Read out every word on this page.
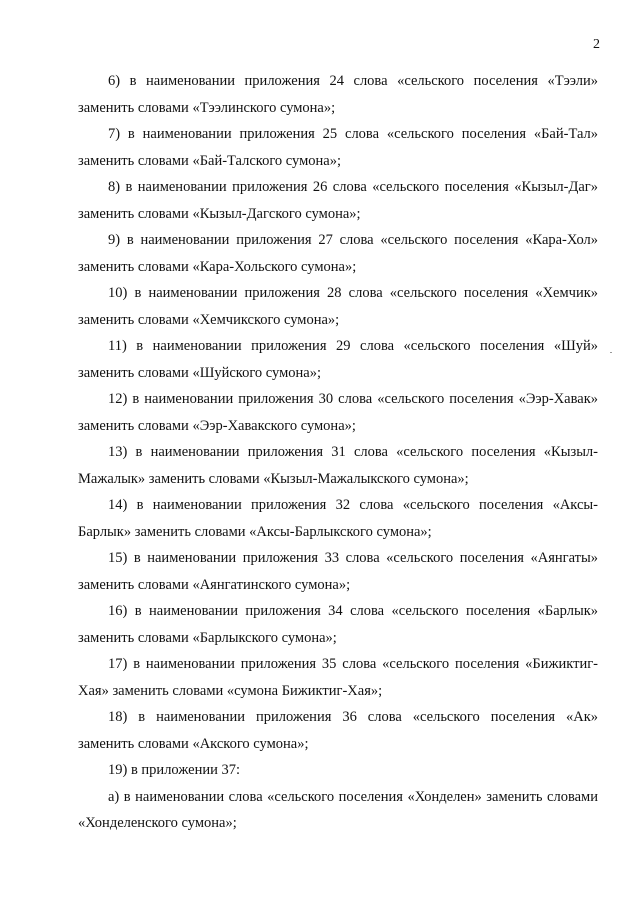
2

6) в наименовании приложения 24 слова «сельского поселения «Тээли» заменить словами «Тээлинского сумона»;

7) в наименовании приложения 25 слова «сельского поселения «Бай-Тал» заменить словами «Бай-Талского сумона»;

8) в наименовании приложения 26 слова «сельского поселения «Кызыл-Даг» заменить словами «Кызыл-Дагского сумона»;

9) в наименовании приложения 27 слова «сельского поселения «Кара-Хол» заменить словами «Кара-Хольского сумона»;

10) в наименовании приложения 28 слова «сельского поселения «Хемчик» заменить словами «Хемчикского сумона»;

11) в наименовании приложения 29 слова «сельского поселения «Шуй» заменить словами «Шуйского сумона»;

12) в наименовании приложения 30 слова «сельского поселения «Ээр-Хавак» заменить словами «Ээр-Хавакского сумона»;

13) в наименовании приложения 31 слова «сельского поселения «Кызыл-Мажалык» заменить словами «Кызыл-Мажалыкского сумона»;

14) в наименовании приложения 32 слова «сельского поселения «Аксы-Барлык» заменить словами «Аксы-Барлыкского сумона»;

15) в наименовании приложения 33 слова «сельского поселения «Аянгаты» заменить словами «Аянгатинского сумона»;

16) в наименовании приложения 34 слова «сельского поселения «Барлык» заменить словами «Барлыкского сумона»;

17) в наименовании приложения 35 слова «сельского поселения «Бижиктиг-Хая» заменить словами «сумона Бижиктиг-Хая»;

18) в наименовании приложения 36 слова «сельского поселения «Ак» заменить словами «Акского сумона»;

19) в приложении 37:

а) в наименовании слова «сельского поселения «Хонделен» заменить словами «Хонделенского сумона»;
